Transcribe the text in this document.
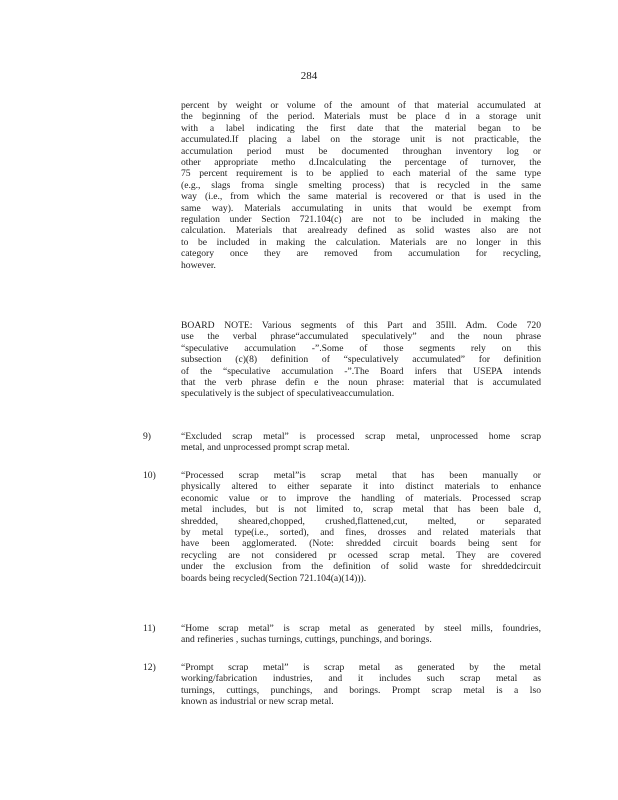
284
percent by weight or volume of the amount of that material accumulated at
the beginning of the period. Materials must be place d in a storage unit
with a label indicating the first date that the material began to be
accumulated.If placing a label on the storage unit is not practicable, the
accumulation period must be documented throughan inventory log or
other appropriate metho d.Incalculating the percentage of turnover, the
75 percent requirement is to be applied to each material of the same type
(e.g., slags froma single smelting process) that is recycled in the same
way (i.e., from which the same material is recovered or that is used in the
same way). Materials accumulating in units that would be exempt from
regulation under Section 721.104(c) are not to be included in making the
calculation. Materials that arealready defined as solid wastes also are not
to be included in making the calculation. Materials are no longer in this
category once they are removed from accumulation for recycling,
however.
BOARD NOTE: Various segments of this Part and 35Ill. Adm. Code 720
use the verbal phrase“accumulated speculatively” and the noun phrase
“speculative accumulation -”.Some of those segments rely on this
subsection (c)(8) definition of “speculatively accumulated” for definition
of the “speculative accumulation -”.The Board infers that USEPA intends
that the verb phrase defin e the noun phrase: material that is accumulated
speculatively is the subject of speculativeaccumulation.
9)	“Excluded scrap metal” is processed scrap metal, unprocessed home scrap
metal, and unprocessed prompt scrap metal.
10)	“Processed scrap metal”is scrap metal that has been manually or
physically altered to either separate it into distinct materials to enhance
economic value or to improve the handling of materials. Processed scrap
metal includes, but is not limited to, scrap metal that has been bale d,
shredded, sheared,chopped, crushed,flattened,cut, melted, or separated
by metal type(i.e., sorted), and fines, drosses and related materials that
have been agglomerated. (Note: shredded circuit boards being sent for
recycling are not considered pr ocessed scrap metal. They are covered
under the exclusion from the definition of solid waste for shreddedcircuit
boards being recycled(Section 721.104(a)(14))).
11)	“Home scrap metal” is scrap metal as generated by steel mills, foundries,
and refineries , suchas turnings, cuttings, punchings, and borings.
12)	“Prompt scrap metal” is scrap metal as generated by the metal
working/fabrication industries, and it includes such scrap metal as
turnings, cuttings, punchings, and borings. Prompt scrap metal is a lso
known as industrial or new scrap metal.
